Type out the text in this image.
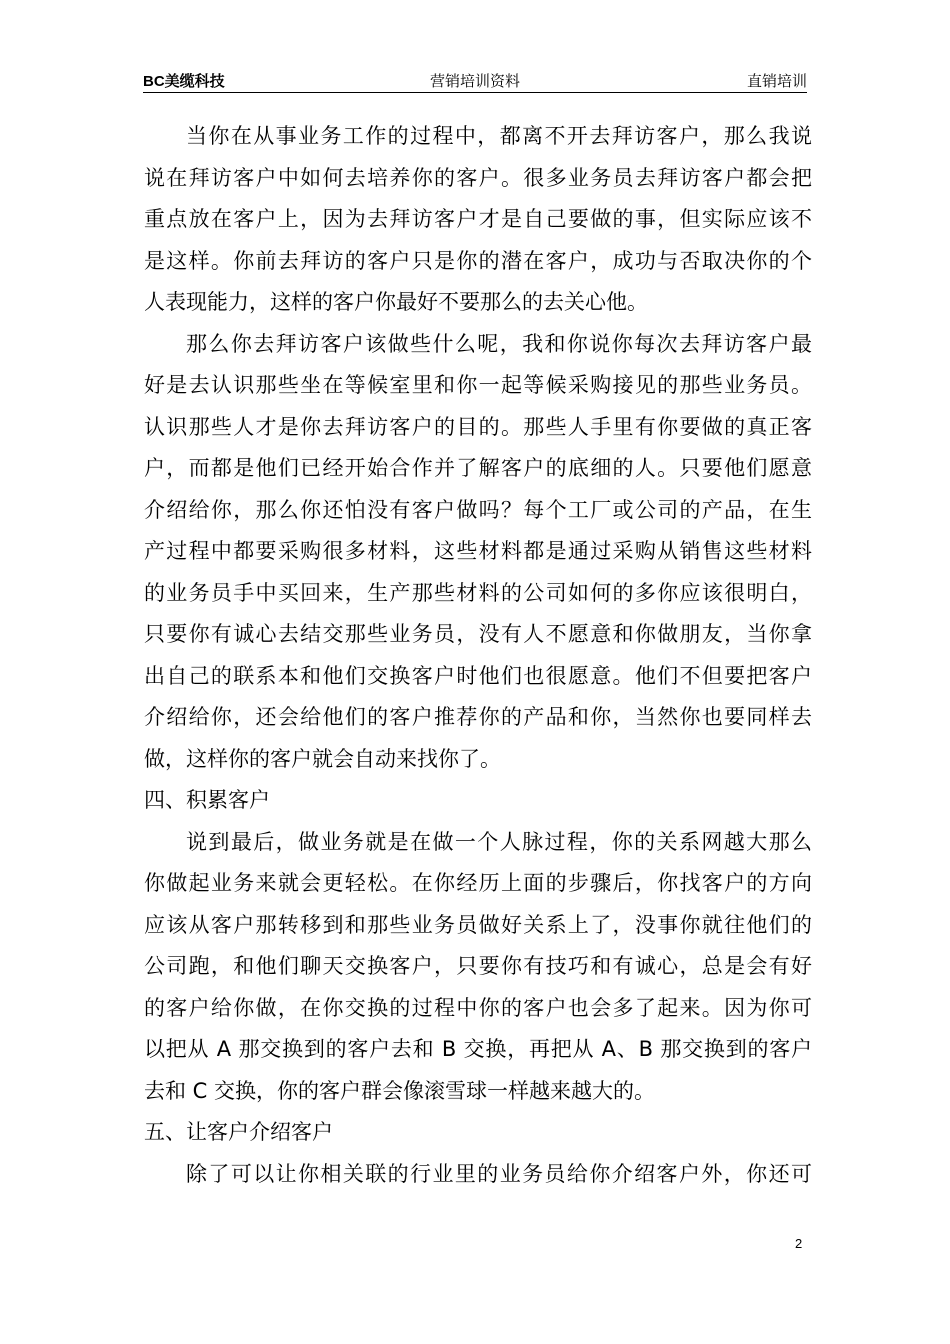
BC美缆科技	营销培训资料	直销培训
当你在从事业务工作的过程中，都离不开去拜访客户，那么我说
说在拜访客户中如何去培养你的客户。很多业务员去拜访客户都会把
重点放在客户上，因为去拜访客户才是自己要做的事，但实际应该不
是这样。你前去拜访的客户只是你的潜在客户，成功与否取决你的个
人表现能力，这样的客户你最好不要那么的去关心他。
那么你去拜访客户该做些什么呢，我和你说你每次去拜访客户最
好是去认识那些坐在等候室里和你一起等候采购接见的那些业务员。
认识那些人才是你去拜访客户的目的。那些人手里有你要做的真正客
户，而都是他们已经开始合作并了解客户的底细的人。只要他们愿意
介绍给你，那么你还怕没有客户做吗？每个工厂或公司的产品，在生
产过程中都要采购很多材料，这些材料都是通过采购从销售这些材料
的业务员手中买回来，生产那些材料的公司如何的多你应该很明白，
只要你有诚心去结交那些业务员，没有人不愿意和你做朋友，当你拿
出自己的联系本和他们交换客户时他们也很愿意。他们不但要把客户
介绍给你，还会给他们的客户推荐你的产品和你，当然你也要同样去
做，这样你的客户就会自动来找你了。
四、积累客户
说到最后，做业务就是在做一个人脉过程，你的关系网越大那么
你做起业务来就会更轻松。在你经历上面的步骤后，你找客户的方向
应该从客户那转移到和那些业务员做好关系上了，没事你就往他们的
公司跑，和他们聊天交换客户，只要你有技巧和有诚心，总是会有好
的客户给你做，在你交换的过程中你的客户也会多了起来。因为你可
以把从 A 那交换到的客户去和 B 交换，再把从 A、B 那交换到的客户
去和 C 交换，你的客户群会像滚雪球一样越来越大的。
五、让客户介绍客户
除了可以让你相关联的行业里的业务员给你介绍客户外，你还可
2
